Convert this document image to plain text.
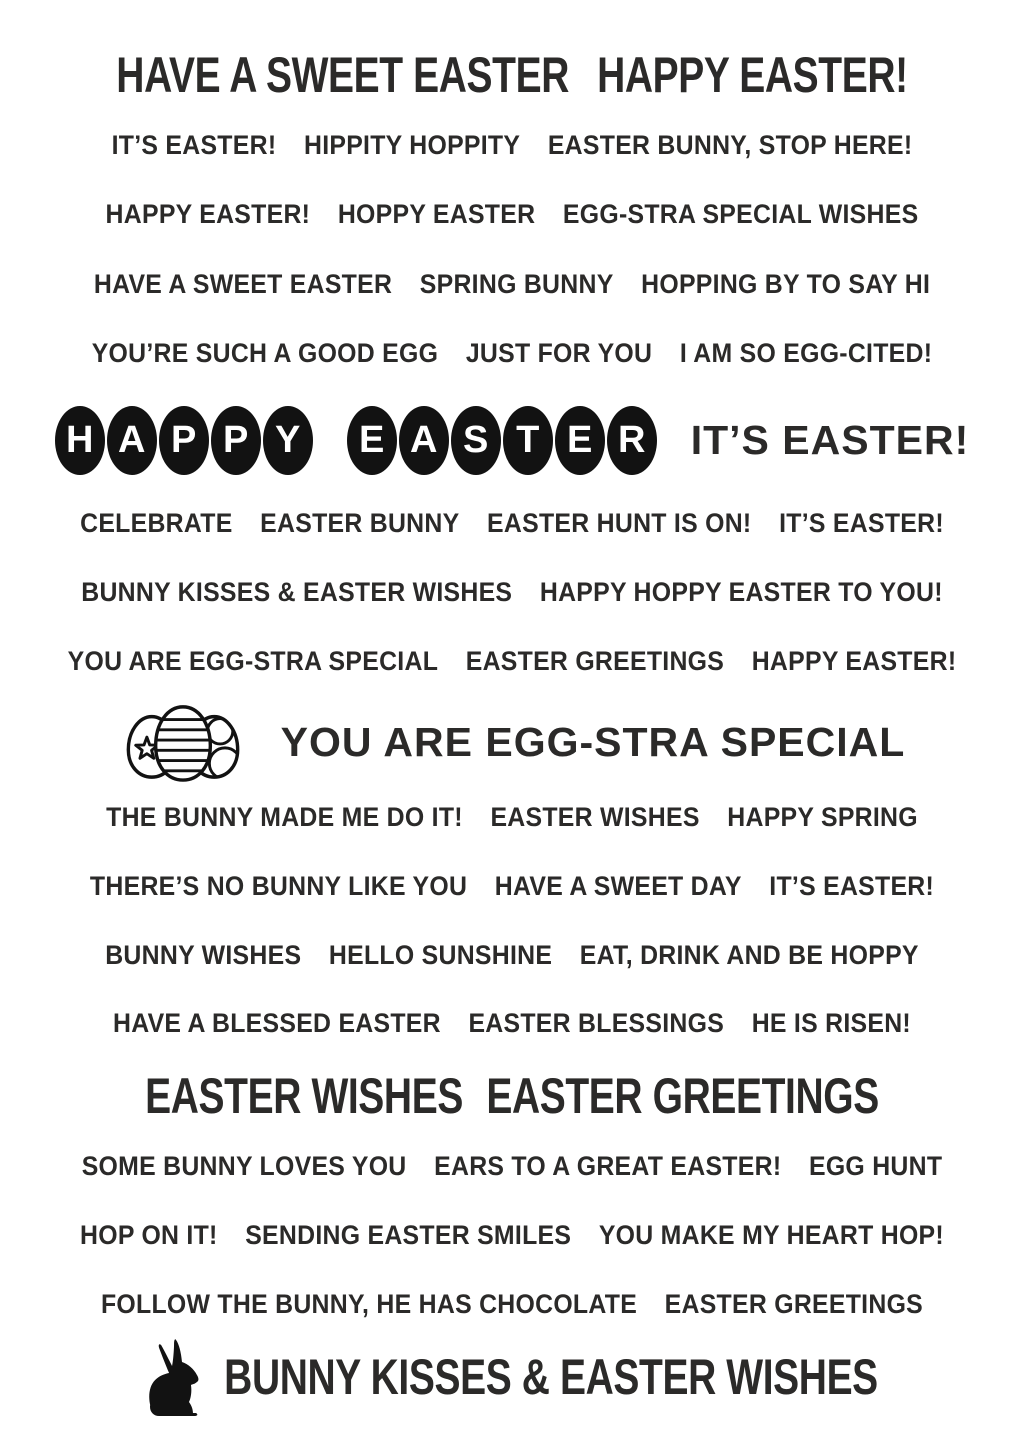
HAVE A SWEET EASTER HAPPY EASTER!
IT’S EASTER! HIPPITY HOPPITY EASTER BUNNY, STOP HERE!
HAPPY EASTER! HOPPY EASTER EGG-STRA SPECIAL WISHES
HAVE A SWEET EASTER SPRING BUNNY HOPPING BY TO SAY HI
YOU’RE SUCH A GOOD EGG JUST FOR YOU I AM SO EGG-CITED!
H A P P Y	E A S T E R IT’S EASTER!
CELEBRATE EASTER BUNNY EASTER HUNT IS ON! IT’S EASTER!
BUNNY KISSES & EASTER WISHES HAPPY HOPPY EASTER TO YOU!
YOU ARE EGG-STRA SPECIAL EASTER GREETINGS HAPPY EASTER!
YOU ARE EGG-STRA SPECIAL
THE BUNNY MADE ME DO IT! EASTER WISHES HAPPY SPRING
THERE’S NO BUNNY LIKE YOU HAVE A SWEET DAY IT’S EASTER!
BUNNY WISHES HELLO SUNSHINE EAT, DRINK AND BE HOPPY
HAVE A BLESSED EASTER EASTER BLESSINGS HE IS RISEN!
EASTER WISHES EASTER GREETINGS
SOME BUNNY LOVES YOU EARS TO A GREAT EASTER! EGG HUNT
HOP ON IT! SENDING EASTER SMILES YOU MAKE MY HEART HOP!
FOLLOW THE BUNNY, HE HAS CHOCOLATE EASTER GREETINGS
BUNNY KISSES & EASTER WISHES
